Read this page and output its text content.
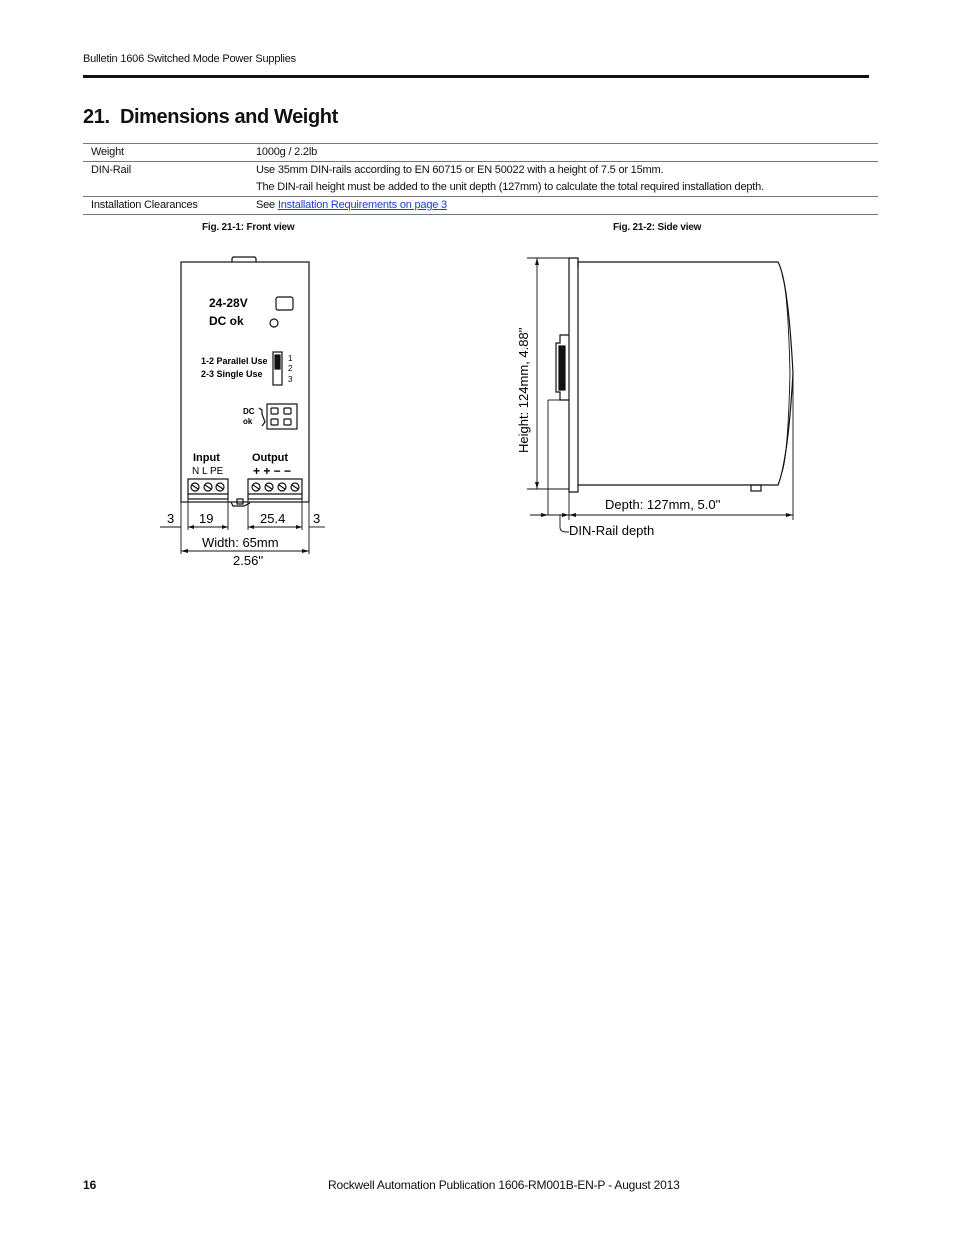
Bulletin 1606 Switched Mode Power Supplies
21. Dimensions and Weight
Weight	1000g / 2.2lb

DIN-Rail	Use 35mm DIN-rails according to EN 60715 or EN 50022 with a height of 7.5 or 15mm.
The DIN-rail height must be added to the unit depth (127mm) to calculate the total required installation depth.

Installation Clearances	See Installation Requirements on page 3
Fig. 21-1: Front view	Fig. 21-2: Side view
24-28V
DC ok
1-2 Parallel Use
2-3 Single Use
1
2
3
DC
ok
Input
N L PE
Output
+ + − −
3 19	25.4 3
Width: 65mm
2.56''
Height: 124mm, 4.88''
Depth: 127mm, 5.0''
DIN-Rail depth
16	Rockwell Automation Publication 1606-RM001B-EN-P - August 2013
